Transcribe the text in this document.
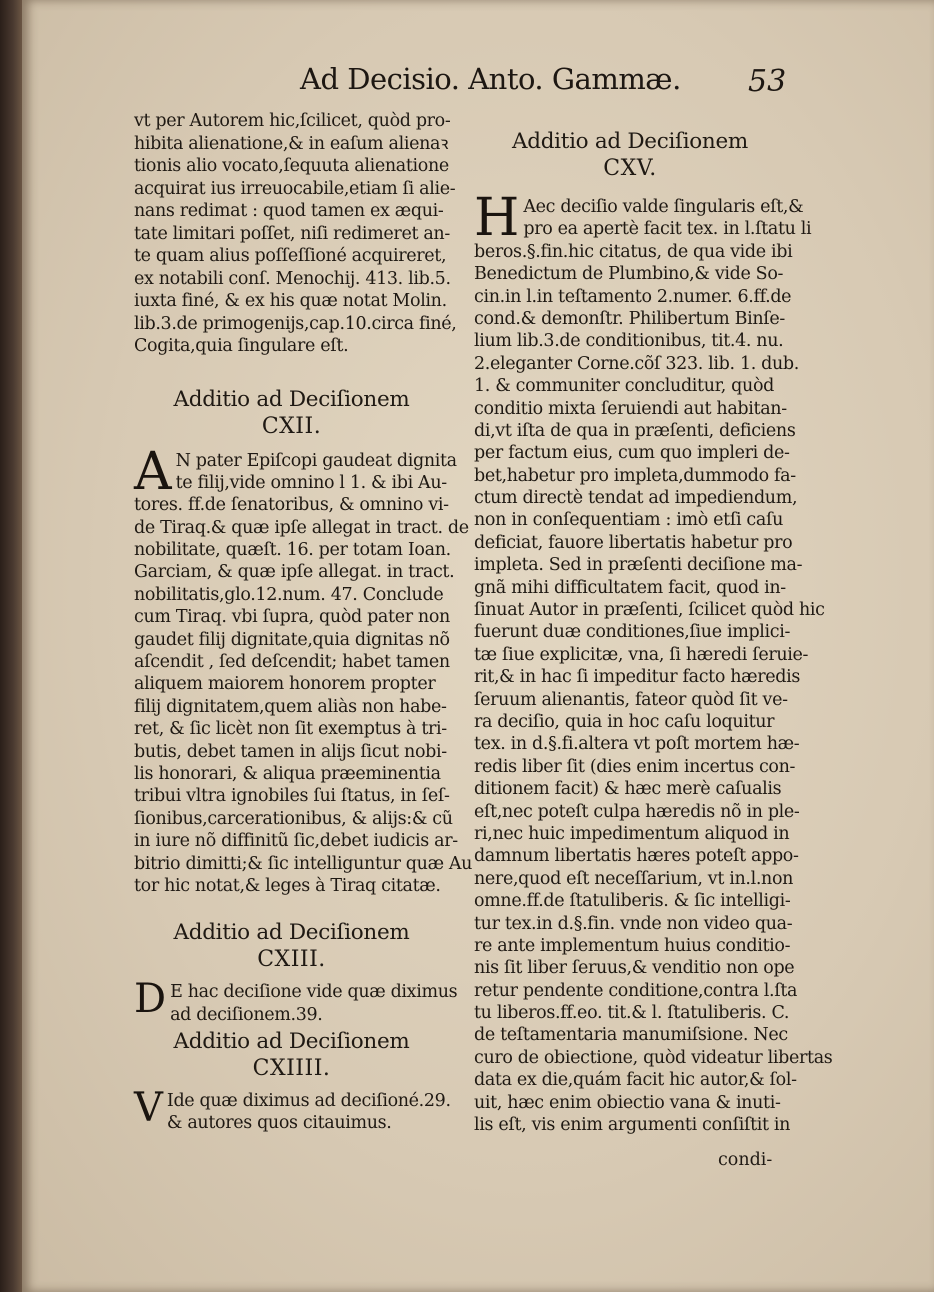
Ad Decisio. Anto. Gammæ. 53
vt per Autorem hic,ſcilicet, quòd pro-
hibita alienatione,& in eaſum alienaꝛ
tionis alio vocato,ſequuta alienatione
acquirat ius irreuocabile,etiam ſi alie-
nans redimat : quod tamen ex æqui-
tate limitari poſſet, niſi redimeret an-
te quam alius poſſeſſioné acquireret,
ex notabili conſ. Menochij. 413. lib.5.
iuxta finé, & ex his quæ notat Molin.
lib.3.de primogenijs,cap.10.circa finé,
Cogita,quia ſingulare eſt.
Additio ad Deciſionem
CXII.
A N pater Epiſcopi gaudeat dignita
te filij,vide omnino l 1. & ibi Au-
tores. ff.de ſenatoribus, & omnino vi-
de Tiraq.& quæ ipſe allegat in tract. de
nobilitate, quæſt. 16. per totam Ioan.
Garciam, & quæ ipſe allegat. in tract.
nobilitatis,glo.12.num. 47. Conclude
cum Tiraq. vbi ſupra, quòd pater non
gaudet filij dignitate,quia dignitas nõ
aſcendit , ſed deſcendit; habet tamen
aliquem maiorem honorem propter
filij dignitatem,quem aliàs non habe-
ret, & ſic licèt non ſit exemptus à tri-
butis, debet tamen in alijs ſicut nobi-
lis honorari, & aliqua præeminentia
tribui vltra ignobiles ſui ſtatus, in ſeſ-
ſionibus,carcerationibus, & alijs:& cũ
in iure nõ diffinitũ ſic,debet iudicis ar-
bitrio dimitti;& ſic intelliguntur quæ Au
tor hic notat,& leges à Tiraq citatæ.
Additio ad Deciſionem
CXIII.
D E hac deciſione vide quæ diximus
ad deciſionem.39.
Additio ad Deciſionem
CXIIII.
V Ide quæ diximus ad deciſioné.29.
& autores quos citauimus.
Additio ad Deciſionem
CXV.
H Aec deciſio valde ſingularis eſt,&
pro ea apertè facit tex. in l.ſtatu li
beros.§.fin.hic citatus, de qua vide ibi
Benedictum de Plumbino,& vide So-
cin.in l.in teſtamento 2.numer. 6.ff.de
cond.& demonſtr. Philibertum Binſe-
lium lib.3.de conditionibus, tit.4. nu.
2.eleganter Corne.cõſ 323. lib. 1. dub.
1. & communiter concluditur, quòd
conditio mixta ſeruiendi aut habitan-
di,vt iſta de qua in præſenti, deficiens
per factum eius, cum quo impleri de-
bet,habetur pro impleta,dummodo fa-
ctum directè tendat ad impediendum,
non in conſequentiam : imò etſi caſu
deficiat, fauore libertatis habetur pro
impleta. Sed in præſenti deciſione ma-
gnã mihi difficultatem facit, quod in-
ſinuat Autor in præſenti, ſcilicet quòd hic
fuerunt duæ conditiones,ſiue implici-
tæ ſiue explicitæ, vna, ſi hæredi ſeruie-
rit,& in hac ſi impeditur facto hæredis
ſeruum alienantis, fateor quòd ſit ve-
ra deciſio, quia in hoc caſu loquitur
tex. in d.§.fi.altera vt poſt mortem hæ-
redis liber ſit (dies enim incertus con-
ditionem facit) & hæc merè caſualis
eſt,nec poteſt culpa hæredis nõ in ple-
ri,nec huic impedimentum aliquod in
damnum libertatis hæres poteſt appo-
nere,quod eſt neceſſarium, vt in.l.non
omne.ff.de ſtatuliberis. & ſic intelligi-
tur tex.in d.§.fin. vnde non video qua-
re ante implementum huius conditio-
nis ſit liber ſeruus,& venditio non ope
retur pendente conditione,contra l.ſta
tu liberos.ff.eo. tit.& l. ſtatuliberis. C.
de teſtamentaria manumiſsione. Nec
curo de obiectione, quòd videatur libertas
data ex die,quám facit hic autor,& ſol-
uit, hæc enim obiectio vana & inuti-
lis eſt, vis enim argumenti conſiſtit in
condi-
